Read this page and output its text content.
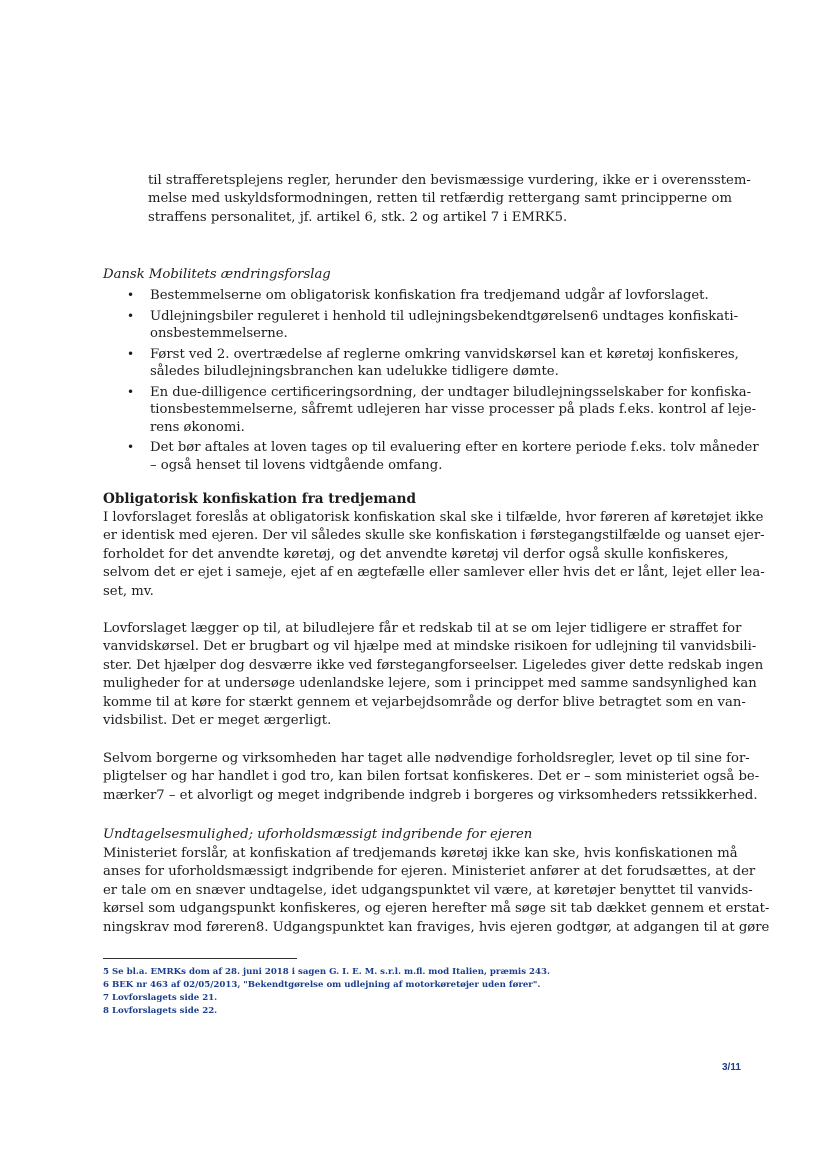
til strafferetsplejens regler, herunder den bevismæssige vurdering, ikke er i overensstem-
melse med uskyldsformodningen, retten til retfærdig rettergang samt principperne om
straffens personalitet, jf. artikel 6, stk. 2 og artikel 7 i EMRK5.
Dansk Mobilitets ændringsforslag
• Bestemmelserne om obligatorisk konfiskation fra tredjemand udgår af lovforslaget.
• Udlejningsbiler reguleret i henhold til udlejningsbekendtgørelsen6 undtages konfiskati-
onsbestemmelserne.
• Først ved 2. overtrædelse af reglerne omkring vanvidskørsel kan et køretøj konfiskeres,
således biludlejningsbranchen kan udelukke tidligere dømte.
• En due-dilligence certificeringsordning, der undtager biludlejningsselskaber for konfiska-
tionsbestemmelserne, såfremt udlejeren har visse processer på plads f.eks. kontrol af leje-
rens økonomi.
• Det bør aftales at loven tages op til evaluering efter en kortere periode f.eks. tolv måneder
– også henset til lovens vidtgående omfang.
Obligatorisk konfiskation fra tredjemand
I lovforslaget foreslås at obligatorisk konfiskation skal ske i tilfælde, hvor føreren af køretøjet ikke
er identisk med ejeren. Der vil således skulle ske konfiskation i førstegangstilfælde og uanset ejer-
forholdet for det anvendte køretøj, og det anvendte køretøj vil derfor også skulle konfiskeres,
selvom det er ejet i sameje, ejet af en ægtefælle eller samlever eller hvis det er lånt, lejet eller lea-
set, mv.
Lovforslaget lægger op til, at biludlejere får et redskab til at se om lejer tidligere er straffet for
vanvidskørsel. Det er brugbart og vil hjælpe med at mindske risikoen for udlejning til vanvidsbili-
ster. Det hjælper dog desværre ikke ved førstegangforseelser. Ligeledes giver dette redskab ingen
muligheder for at undersøge udenlandske lejere, som i princippet med samme sandsynlighed kan
komme til at køre for stærkt gennem et vejarbejdsområde og derfor blive betragtet som en van-
vidsbilist. Det er meget ærgerligt.
Selvom borgerne og virksomheden har taget alle nødvendige forholdsregler, levet op til sine for-
pligtelser og har handlet i god tro, kan bilen fortsat konfiskeres. Det er – som ministeriet også be-
mærker7 – et alvorligt og meget indgribende indgreb i borgeres og virksomheders retssikkerhed.
Undtagelsesmulighed; uforholdsmæssigt indgribende for ejeren
Ministeriet forslår, at konfiskation af tredjemands køretøj ikke kan ske, hvis konfiskationen må
anses for uforholdsmæssigt indgribende for ejeren. Ministeriet anfører at det forudsættes, at der
er tale om en snæver undtagelse, idet udgangspunktet vil være, at køretøjer benyttet til vanvids-
kørsel som udgangspunkt konfiskeres, og ejeren herefter må søge sit tab dækket gennem et erstat-
ningskrav mod føreren8. Udgangspunktet kan fraviges, hvis ejeren godtgør, at adgangen til at gøre
5 Se bl.a. EMRKs dom af 28. juni 2018 i sagen G. I. E. M. s.r.l. m.fl. mod Italien, præmis 243.
6 BEK nr 463 af 02/05/2013, "Bekendtgørelse om udlejning af motorkøretøjer uden fører".
7 Lovforslagets side 21.
8 Lovforslagets side 22.
3/11
